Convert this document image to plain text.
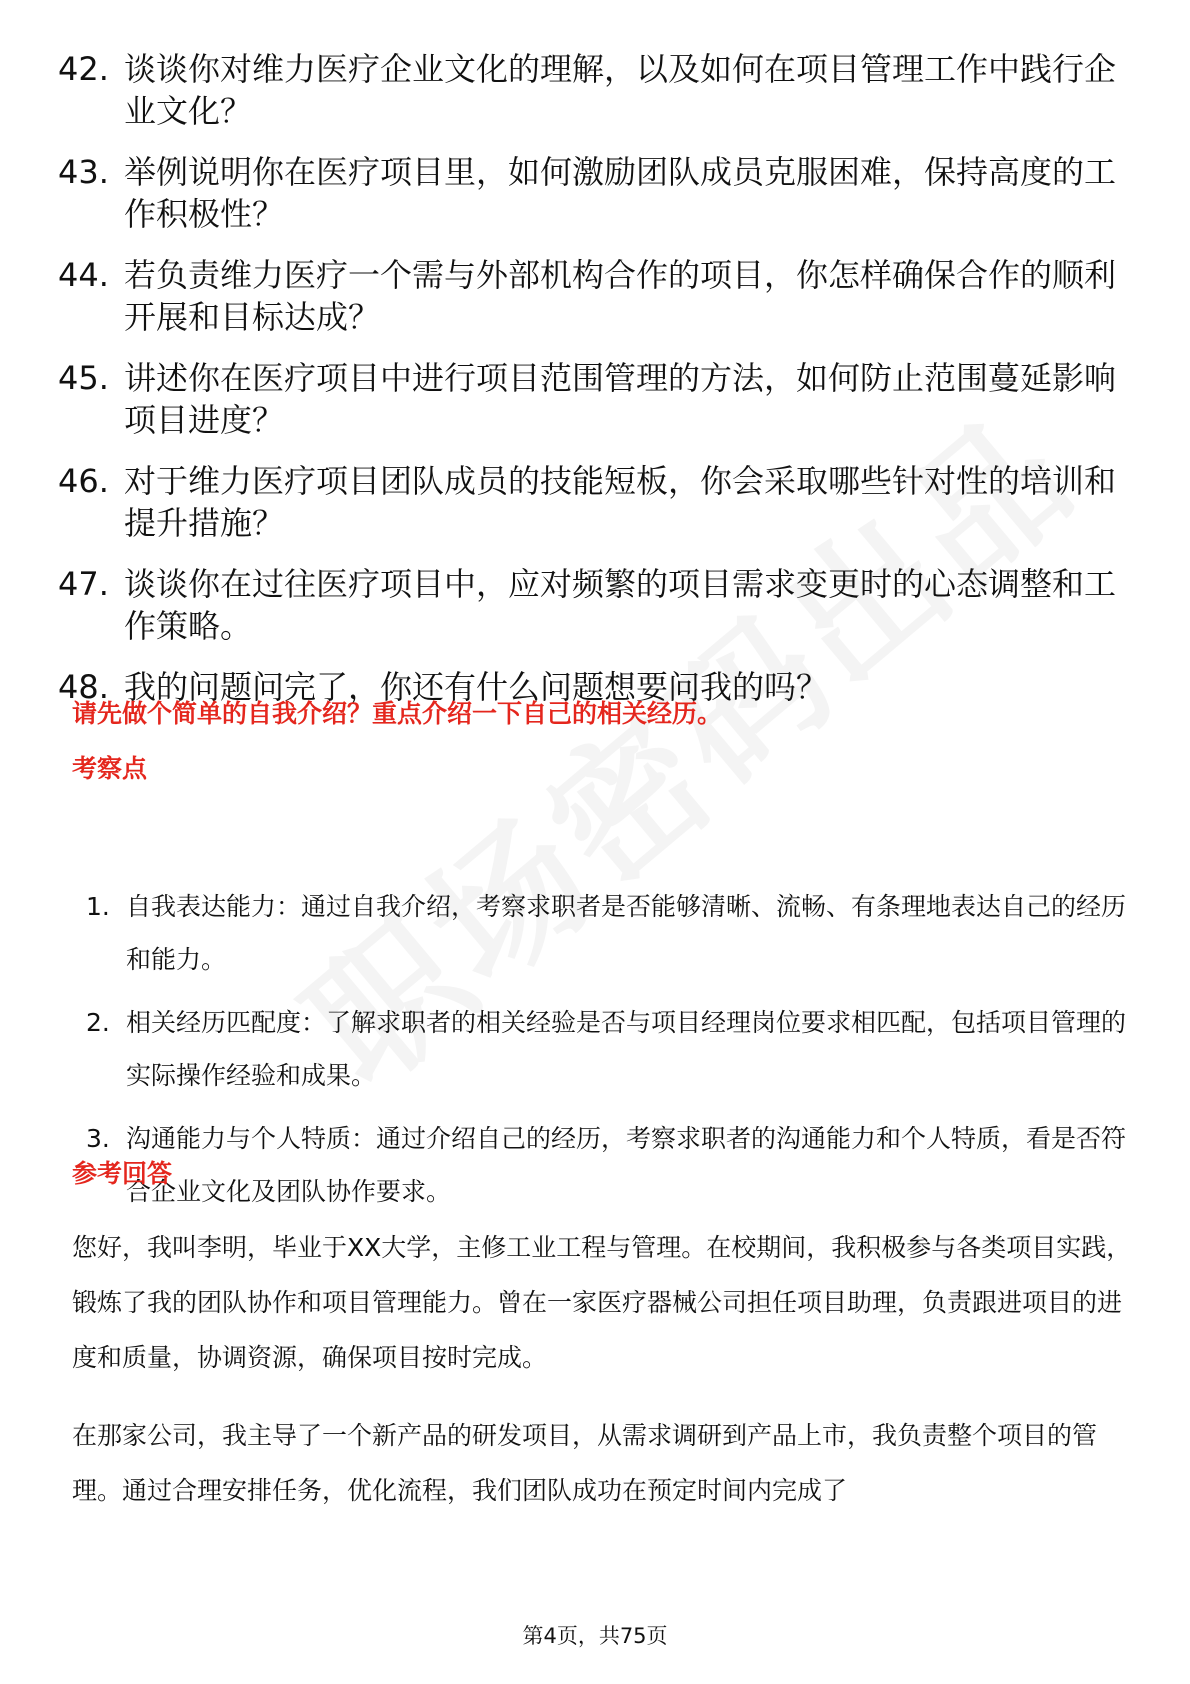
42. 谈谈你对维力医疗企业文化的理解，以及如何在项目管理工作中践行企业文化？
43. 举例说明你在医疗项目里，如何激励团队成员克服困难，保持高度的工作积极性？
44. 若负责维力医疗一个需与外部机构合作的项目，你怎样确保合作的顺利开展和目标达成？
45. 讲述你在医疗项目中进行项目范围管理的方法，如何防止范围蔓延影响项目进度？
46. 对于维力医疗项目团队成员的技能短板，你会采取哪些针对性的培训和提升措施？
47. 谈谈你在过往医疗项目中，应对频繁的项目需求变更时的心态调整和工作策略。
48. 我的问题问完了，你还有什么问题想要问我的吗？
请先做个简单的自我介绍？重点介绍一下自己的相关经历。
考察点
1. 自我表达能力：通过自我介绍，考察求职者是否能够清晰、流畅、有条理地表达自己的经历和能力。
2. 相关经历匹配度：了解求职者的相关经验是否与项目经理岗位要求相匹配，包括项目管理的实际操作经验和成果。
3. 沟通能力与个人特质：通过介绍自己的经历，考察求职者的沟通能力和个人特质，看是否符合企业文化及团队协作要求。
参考回答
您好，我叫李明，毕业于XX大学，主修工业工程与管理。在校期间，我积极参与各类项目实践，锻炼了我的团队协作和项目管理能力。曾在一家医疗器械公司担任项目助理，负责跟进项目的进度和质量，协调资源，确保项目按时完成。
在那家公司，我主导了一个新产品的研发项目，从需求调研到产品上市，我负责整个项目的管理。通过合理安排任务，优化流程，我们团队成功在预定时间内完成了
第4页，共75页
